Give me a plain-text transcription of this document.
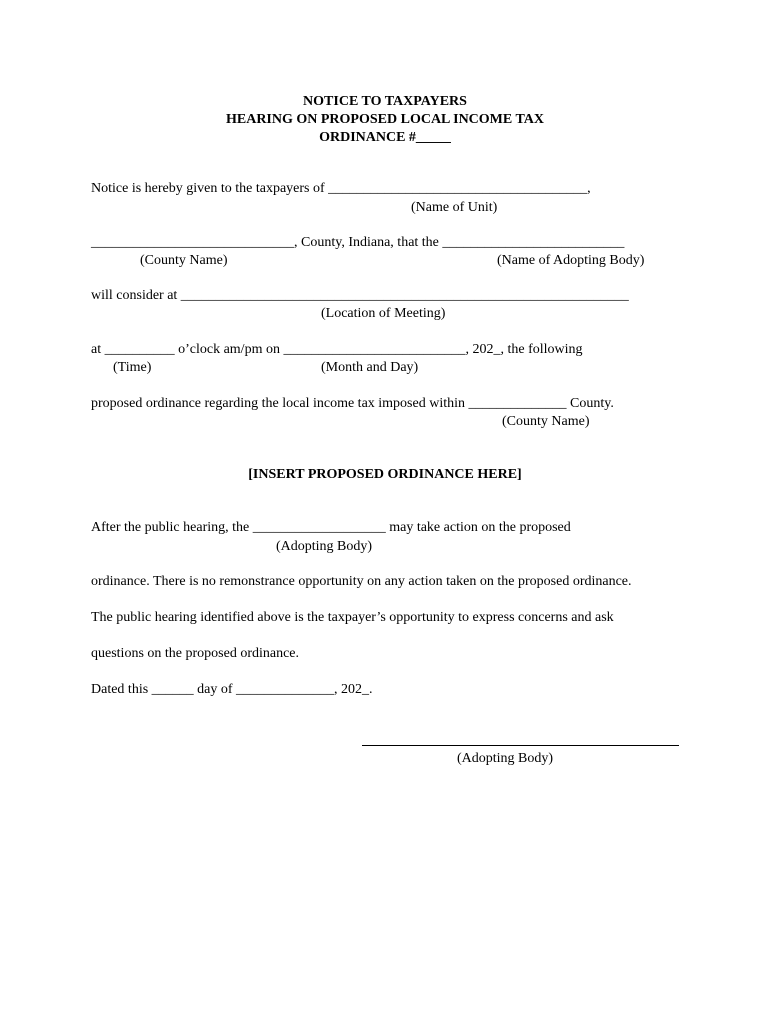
NOTICE TO TAXPAYERS
HEARING ON PROPOSED LOCAL INCOME TAX
ORDINANCE #_____
Notice is hereby given to the taxpayers of _____________________________________,
(Name of Unit)
_____________________________, County, Indiana, that the __________________________
(County Name)	(Name of Adopting Body)
will consider at ________________________________________________________________
(Location of Meeting)
at __________ o’clock am/pm on __________________________, 202_, the following
(Time)	(Month and Day)
proposed ordinance regarding the local income tax imposed within ______________ County.
(County Name)
[INSERT PROPOSED ORDINANCE HERE]
After the public hearing, the ___________________ may take action on the proposed
(Adopting Body)
ordinance. There is no remonstrance opportunity on any action taken on the proposed ordinance.
The public hearing identified above is the taxpayer’s opportunity to express concerns and ask
questions on the proposed ordinance.
Dated this ______ day of ______________, 202_.
(Adopting Body)
